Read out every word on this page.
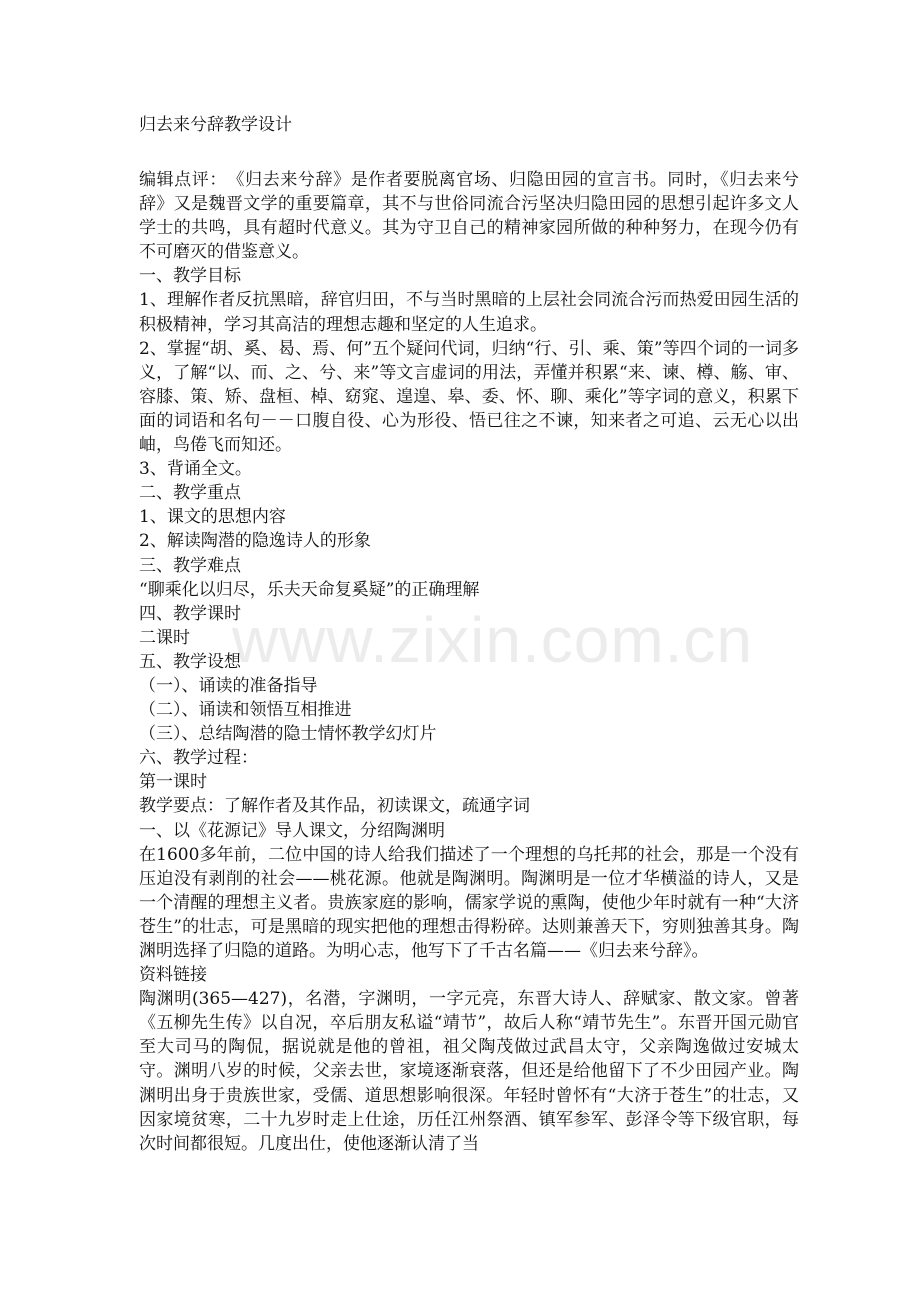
归去来兮辞教学设计

编辑点评：　《归去来兮辞》是作者要脱离官场、归隐田园的宣言书。同时，《归去来兮辞》又是魏晋文学的重要篇章，其不与世俗同流合污坚决归隐田园的思想引起许多文人学士的共鸣，具有超时代意义。其为守卫自己的精神家园所做的种种努力，在现今仍有不可磨灭的借鉴意义。

一、教学目标

1、理解作者反抗黑暗，辞官归田，不与当时黑暗的上层社会同流合污而热爱田园生活的积极精神，学习其高洁的理想志趣和坚定的人生追求。

2、掌握“胡、奚、曷、焉、何”五个疑问代词，归纳“行、引、乘、策”等四个词的一词多义，了解“以、而、之、兮、来”等文言虚词的用法，弄懂并积累“来、谏、樽、觞、审、容膝、策、矫、盘桓、棹、窈窕、遑遑、皋、委、怀、聊、乘化”等字词的意义，积累下面的词语和名句－－口腹自役、心为形役、悟已往之不谏，知来者之可追、云无心以出岫，鸟倦飞而知还。

3、背诵全文。

二、教学重点

1、课文的思想内容

2、解读陶潜的隐逸诗人的形象

三、教学难点

“聊乘化以归尽，乐夫天命复奚疑”的正确理解

四、教学课时

二课时

五、教学设想

（一）、诵读的准备指导

（二）、诵读和领悟互相推进

（三）、总结陶潜的隐士情怀教学幻灯片

六、教学过程：

第一课时

教学要点：了解作者及其作品，初读课文，疏通字词

一、以《花源记》导人课文，分绍陶渊明

在1600多年前，二位中国的诗人给我们描述了一个理想的乌托邦的社会，那是一个没有压迫没有剥削的社会——桃花源。他就是陶渊明。陶渊明是一位才华横溢的诗人，又是一个清醒的理想主义者。贵族家庭的影响，儒家学说的熏陶，使他少年时就有一种“大济苍生”的壮志，可是黑暗的现实把他的理想击得粉碎。达则兼善天下，穷则独善其身。陶渊明选择了归隐的道路。为明心志，他写下了千古名篇——《归去来兮辞》。

资料链接

陶渊明(365—427)，名潜，字渊明，一字元亮，东晋大诗人、辞赋家、散文家。曾著《五柳先生传》以自况，卒后朋友私谥“靖节”，故后人称“靖节先生”。东晋开国元勋官至大司马的陶侃，据说就是他的曾祖，祖父陶茂做过武昌太守，父亲陶逸做过安城太守。渊明八岁的时候，父亲去世，家境逐渐衰落，但还是给他留下了不少田园产业。陶渊明出身于贵族世家，受儒、道思想影响很深。年轻时曾怀有“大济于苍生”的壮志，又因家境贫寒，二十九岁时走上仕途，历任江州祭酒、镇军参军、彭泽令等下级官职，每次时间都很短。几度出仕，使他逐渐认清了当

www.zixin.com.cn
